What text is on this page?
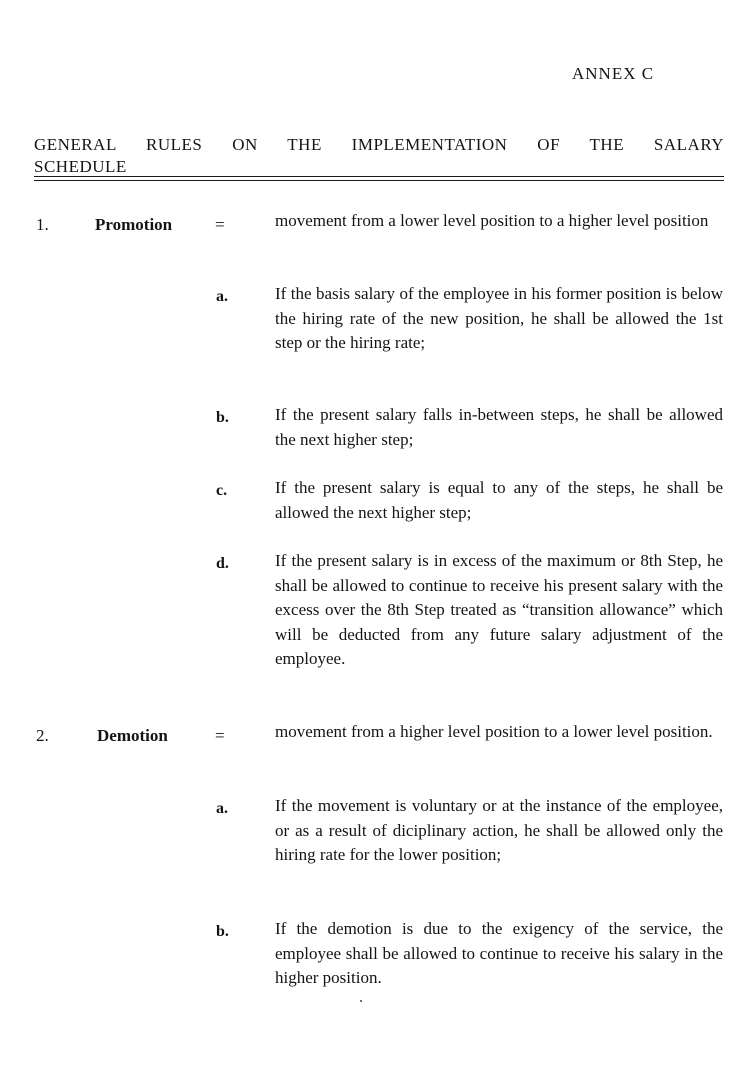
ANNEX C
GENERAL RULES ON THE IMPLEMENTATION OF THE SALARY
SCHEDULE
1.	Promotion	=	movement from a lower level position to a higher level position
a.	If the basis salary of the employee in his former position is below the hiring rate of the new position, he shall be allowed the 1st step or the hiring rate;
b.	If the present salary falls in-between steps, he shall be allowed the next higher step;
c.	If the present salary is equal to any of the steps, he shall be allowed the next higher step;
d.	If the present salary is in excess of the maximum or 8th Step, he shall be allowed to continue to receive his present salary with the excess over the 8th Step treated as “transition allowance” which will be deducted from any future salary adjustment of the employee.
2.	Demotion	=	movement from a higher level position to a lower level position.
a.	If the movement is voluntary or at the instance of the employee, or as a result of diciplinary action, he shall be allowed only the hiring rate for the lower position;
b.	If the demotion is due to the exigency of the service, the employee shall be allowed to continue to receive his salary in the higher position.
